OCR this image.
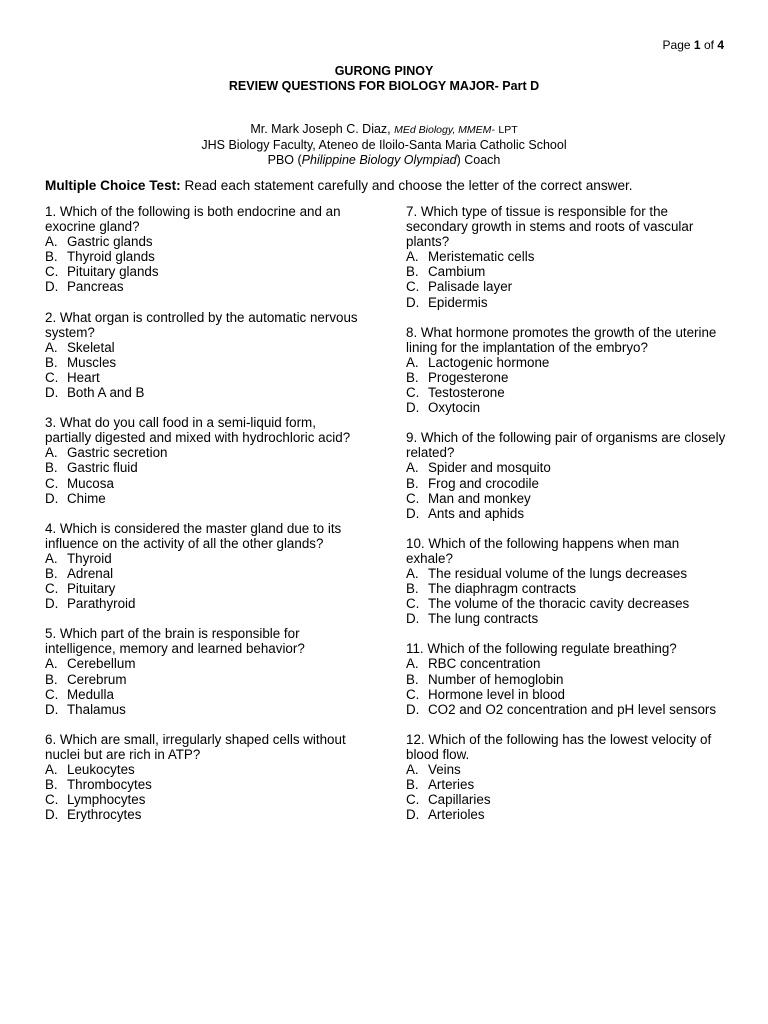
Page 1 of 4
GURONG PINOY
REVIEW QUESTIONS FOR BIOLOGY MAJOR- Part D
Mr. Mark Joseph C. Diaz, MEd Biology, MMEM- LPT
JHS Biology Faculty, Ateneo de Iloilo-Santa Maria Catholic School
PBO (Philippine Biology Olympiad) Coach
Multiple Choice Test: Read each statement carefully and choose the letter of the correct answer.
1. Which of the following is both endocrine and an exocrine gland?
A. Gastric glands
B. Thyroid glands
C. Pituitary glands
D. Pancreas
2. What organ is controlled by the automatic nervous system?
A. Skeletal
B. Muscles
C. Heart
D. Both A and B
3. What do you call food in a semi-liquid form, partially digested and mixed with hydrochloric acid?
A. Gastric secretion
B. Gastric fluid
C. Mucosa
D. Chime
4. Which is considered the master gland due to its influence on the activity of all the other glands?
A. Thyroid
B. Adrenal
C. Pituitary
D. Parathyroid
5. Which part of the brain is responsible for intelligence, memory and learned behavior?
A. Cerebellum
B. Cerebrum
C. Medulla
D. Thalamus
6. Which are small, irregularly shaped cells without nuclei but are rich in ATP?
A. Leukocytes
B. Thrombocytes
C. Lymphocytes
D. Erythrocytes
7. Which type of tissue is responsible for the secondary growth in stems and roots of vascular plants?
A. Meristematic cells
B. Cambium
C. Palisade layer
D. Epidermis
8. What hormone promotes the growth of the uterine lining for the implantation of the embryo?
A. Lactogenic hormone
B. Progesterone
C. Testosterone
D. Oxytocin
9. Which of the following pair of organisms are closely related?
A. Spider and mosquito
B. Frog and crocodile
C. Man and monkey
D. Ants and aphids
10. Which of the following happens when man exhale?
A. The residual volume of the lungs decreases
B. The diaphragm contracts
C. The volume of the thoracic cavity decreases
D. The lung contracts
11. Which of the following regulate breathing?
A. RBC concentration
B. Number of hemoglobin
C. Hormone level in blood
D. CO2 and O2 concentration and pH level sensors
12. Which of the following has the lowest velocity of blood flow.
A. Veins
B. Arteries
C. Capillaries
D. Arterioles
